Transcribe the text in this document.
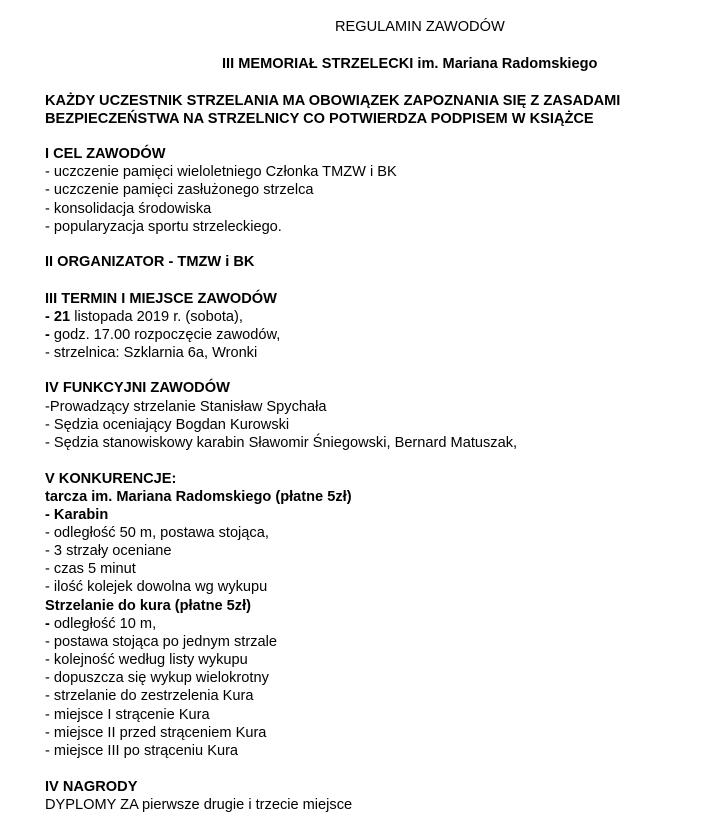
REGULAMIN ZAWODÓW
III MEMORIAŁ STRZELECKI im. Mariana Radomskiego
KAŻDY UCZESTNIK STRZELANIA MA OBOWIĄZEK ZAPOZNANIA SIĘ Z ZASADAMI
BEZPIECZEŃSTWA NA STRZELNICY CO POTWIERDZA PODPISEM W KSIĄŻCE
I CEL ZAWODÓW
- uczczenie pamięci wieloletniego Członka TMZW i BK
- uczczenie pamięci zasłużonego strzelca
- konsolidacja środowiska
- popularyzacja sportu strzeleckiego.
II ORGANIZATOR - TMZW i BK
III TERMIN I MIEJSCE ZAWODÓW
- 21 listopada 2019 r. (sobota),
- godz. 17.00 rozpoczęcie zawodów,
- strzelnica: Szklarnia 6a, Wronki
IV FUNKCYJNI ZAWODÓW
-Prowadzący strzelanie Stanisław Spychała
- Sędzia oceniający Bogdan Kurowski
- Sędzia stanowiskowy karabin Sławomir Śniegowski, Bernard Matuszak,
V KONKURENCJE:
tarcza im. Mariana Radomskiego (płatne 5zł)
- Karabin
- odległość 50 m, postawa stojąca,
- 3 strzały oceniane
- czas 5 minut
- ilość kolejek dowolna wg wykupu
Strzelanie do kura (płatne 5zł)
- odległość 10 m,
- postawa stojąca po jednym strzale
- kolejność według listy wykupu
- dopuszcza się wykup wielokrotny
- strzelanie do zestrzelenia Kura
- miejsce I strącenie Kura
- miejsce II przed strąceniem Kura
- miejsce III po strąceniu Kura
IV NAGRODY
DYPLOMY ZA pierwsze drugie i trzecie miejsce
